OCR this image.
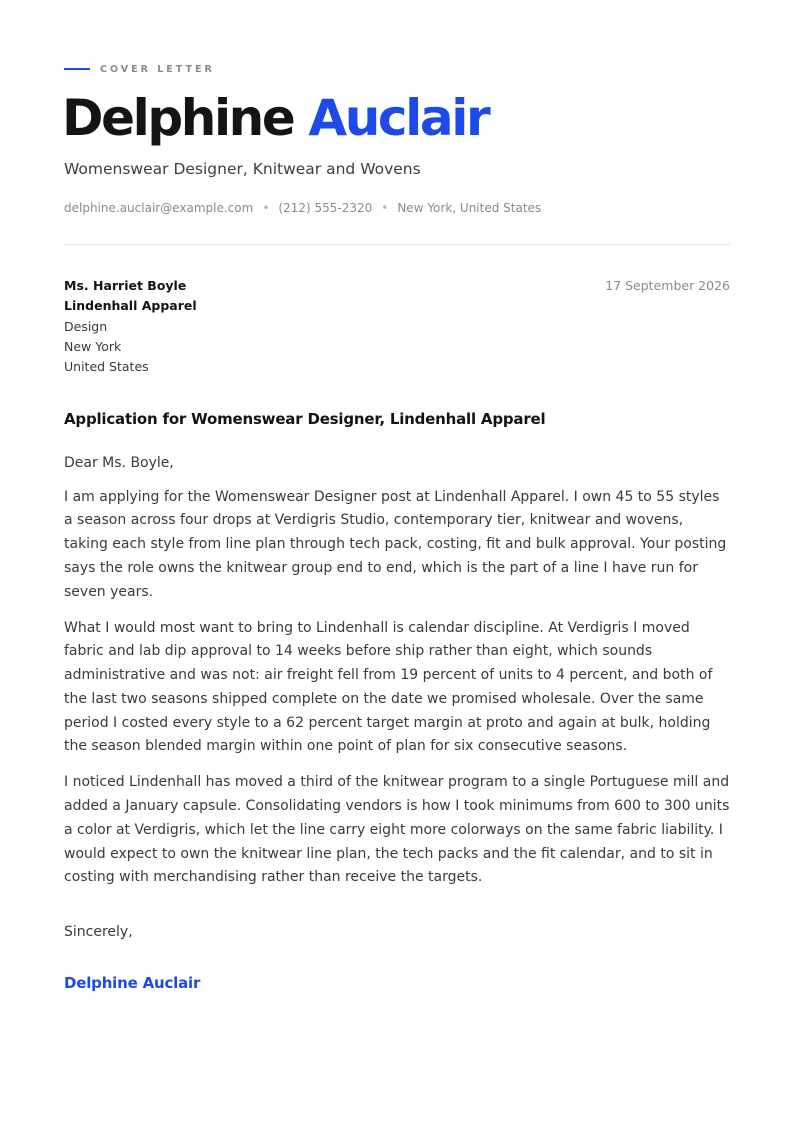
COVER LETTER
Delphine Auclair
Womenswear Designer, Knitwear and Wovens
delphine.auclair@example.com • (212) 555-2320 • New York, United States
Ms. Harriet Boyle
Lindenhall Apparel
Design
New York
United States
17 September 2026
Application for Womenswear Designer, Lindenhall Apparel

Dear Ms. Boyle,

I am applying for the Womenswear Designer post at Lindenhall Apparel. I own 45 to 55 styles a season across four drops at Verdigris Studio, contemporary tier, knitwear and wovens, taking each style from line plan through tech pack, costing, fit and bulk approval. Your posting says the role owns the knitwear group end to end, which is the part of a line I have run for seven years.

What I would most want to bring to Lindenhall is calendar discipline. At Verdigris I moved fabric and lab dip approval to 14 weeks before ship rather than eight, which sounds administrative and was not: air freight fell from 19 percent of units to 4 percent, and both of the last two seasons shipped complete on the date we promised wholesale. Over the same period I costed every style to a 62 percent target margin at proto and again at bulk, holding the season blended margin within one point of plan for six consecutive seasons.

I noticed Lindenhall has moved a third of the knitwear program to a single Portuguese mill and added a January capsule. Consolidating vendors is how I took minimums from 600 to 300 units a color at Verdigris, which let the line carry eight more colorways on the same fabric liability. I would expect to own the knitwear line plan, the tech packs and the fit calendar, and to sit in costing with merchandising rather than receive the targets.

Sincerely,
Delphine Auclair
